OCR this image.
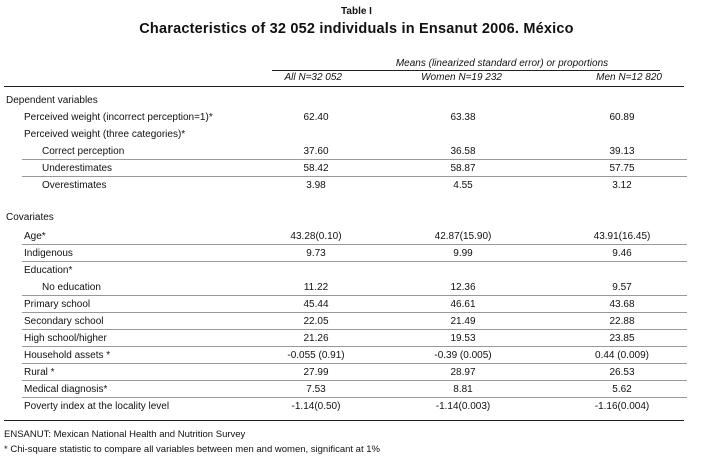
Table I
Characteristics of 32 052 individuals in Ensanut 2006. México
Means (linearized standard error) or proportions
All N=32 052	Women N=19 232	Men N=12 820
Dependent variables
Perceived weight (incorrect perception=1)*	62.40	63.38	60.89
Perceived weight (three categories)*
Correct perception	37.60	36.58	39.13
Underestimates	58.42	58.87	57.75
Overestimates	3.98	4.55	3.12
Covariates
Age*	43.28(0.10)	42.87(15.90)	43.91(16.45)
Indigenous	9.73	9.99	9.46
Education*
No education	11.22	12.36	9.57
Primary school	45.44	46.61	43.68
Secondary school	22.05	21.49	22.88
High school/higher	21.26	19.53	23.85
Household assets *	-0.055 (0.91)	-0.39 (0.005)	0.44 (0.009)
Rural *	27.99	28.97	26.53
Medical diagnosis*	7.53	8.81	5.62
Poverty index at the locality level	-1.14(0.50)	-1.14(0.003)	-1.16(0.004)
ENSANUT: Mexican National Health and Nutrition Survey
* Chi-square statistic to compare all variables between men and women, significant at 1%
